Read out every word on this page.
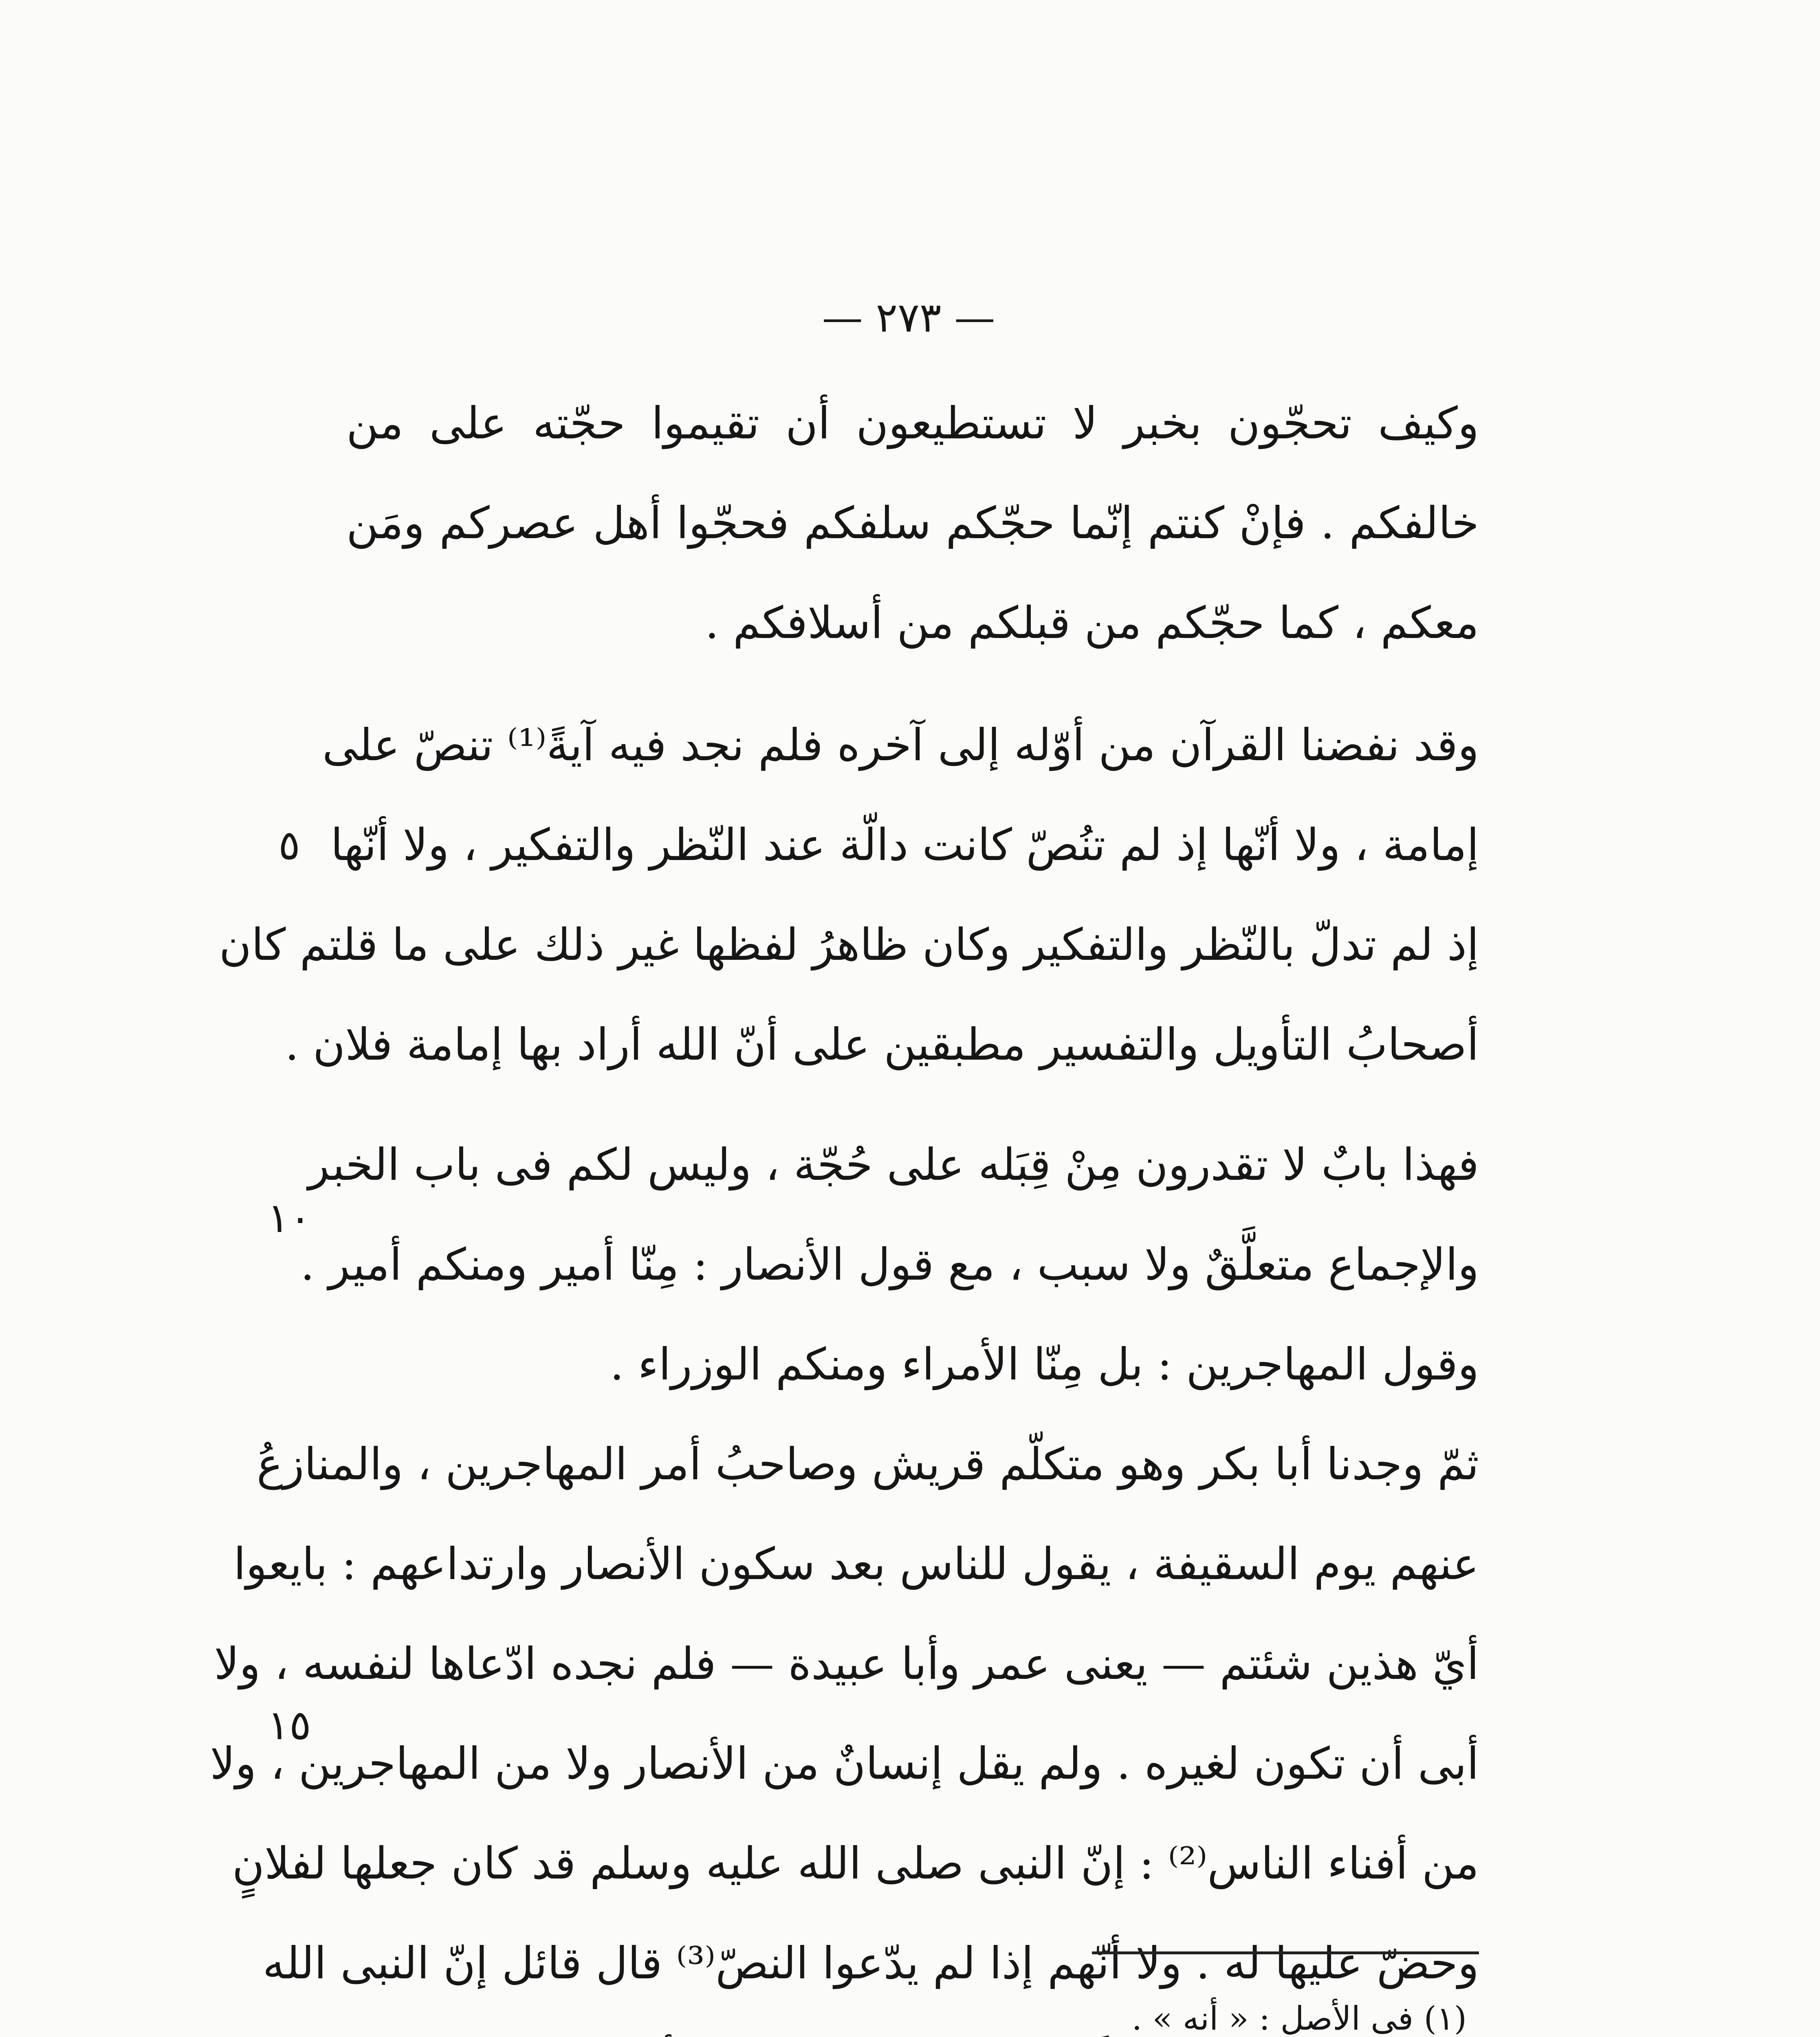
— ٢٧٣ —
وكيف تحجّون بخبر لا تستطيعون أن تقيموا حجّته على من
خالفكم . فإنْ كنتم إنّما حجّكم سلفكم فحجّوا أهل عصركم ومَن
معكم ، كما حجّكم من قبلكم من أسلافكم .
وقد نفضنا القرآن من أوّله إلى آخره فلم نجد فيه آيةً⁽¹⁾ تنصّ على
إمامة ، ولا أنّها إذ لم تنُصّ كانت دالّة عند النّظر والتفكير ، ولا أنّها
إذ لم تدلّ بالنّظر والتفكير وكان ظاهرُ لفظها غير ذلك على ما قلتم كان
أصحابُ التأويل والتفسير مطبقين على أنّ الله أراد بها إمامة فلان .
فهذا بابٌ لا تقدرون مِنْ قِبَله على حُجّة ، وليس لكم فى باب الخبر
والإجماع متعلَّقٌ ولا سبب ، مع قول الأنصار : مِنّا أمير ومنكم أمير .
وقول المهاجرين : بل مِنّا الأمراء ومنكم الوزراء .
ثمّ وجدنا أبا بكر وهو متكلّم قريش وصاحبُ أمر المهاجرين ، والمنازعُ
عنهم يوم السقيفة ، يقول للناس بعد سكون الأنصار وارتداعهم : بايعوا
أيّ هذين شئتم — يعنى عمر وأبا عبيدة — فلم نجده ادّعاها لنفسه ، ولا
أبى أن تكون لغيره . ولم يقل إنسانٌ من الأنصار ولا من المهاجرين ، ولا
من أفناء الناس⁽²⁾ : إنّ النبى صلى الله عليه وسلم قد كان جعلها لفلانٍ
وحضّ عليها له . ولا أنّهم إذا لم يدّعوا النصّ⁽³⁾ قال قائل إنّ النبى الله
٥
١٠
١٥
(١) فى الأصل : « أنه » .
